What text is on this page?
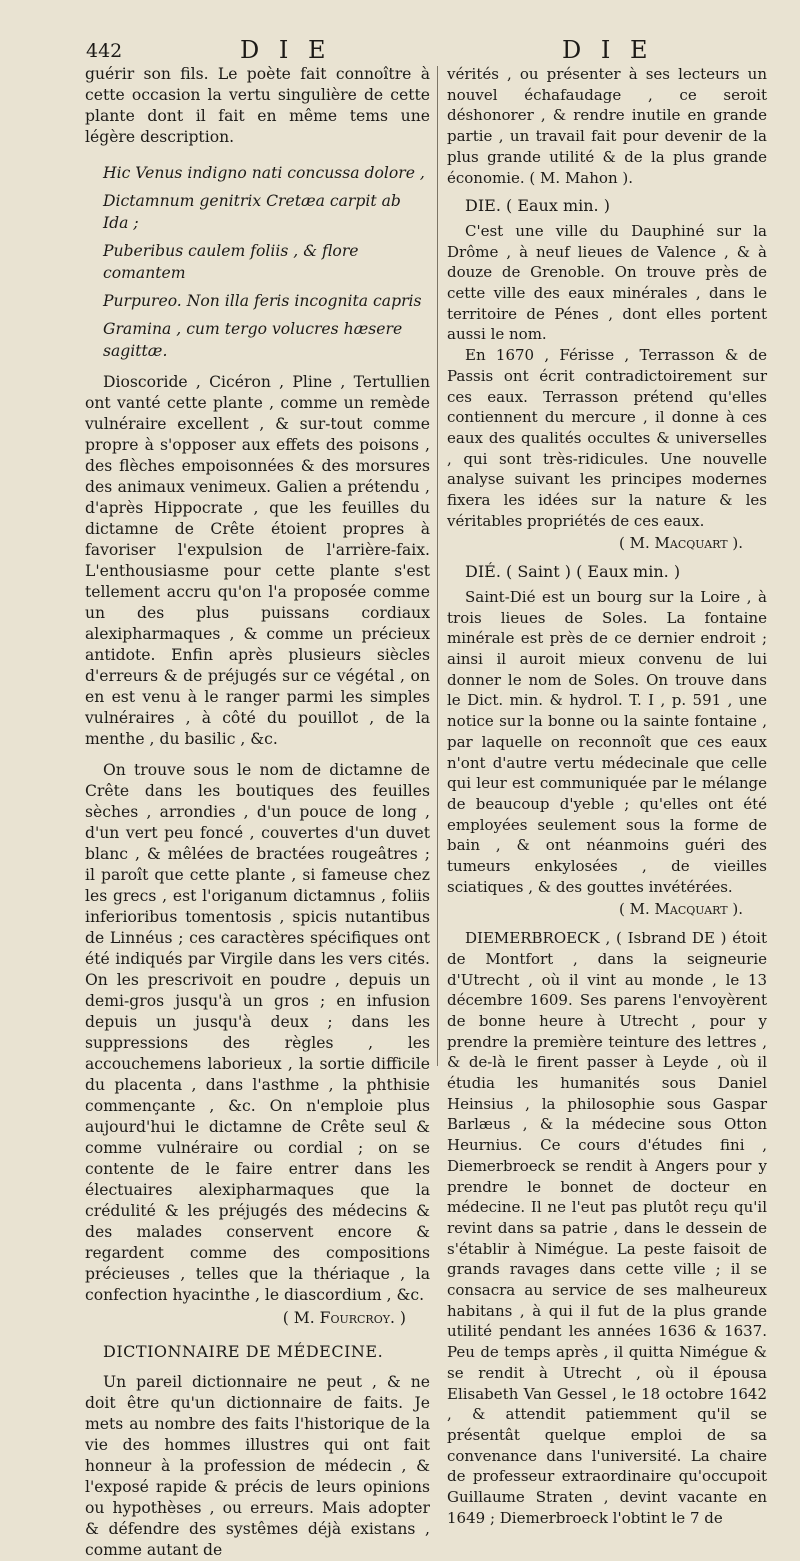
442	D I E	D I E

guérir son fils. Le poète fait connoître à cette occasion la vertu singulière de cette plante dont il fait en même tems une légère description.

Hic Venus indigno nati concussa dolore ,
Dictamnum genitrix Cretæa carpit ab Ida ;
Puberibus caulem foliis , & flore comantem
Purpureo. Non illa feris incognita capris
Gramina , cum tergo volucres hæsere sagittæ.

Dioscoride , Cicéron , Pline , Tertullien ont vanté cette plante , comme un remède vulnéraire excellent , & sur-tout comme propre à s'opposer aux effets des poisons , des flèches empoisonnées & des morsures des animaux venimeux. Galien a prétendu , d'après Hippocrate , que les feuilles du dictamne de Crête étoient propres à favoriser l'expulsion de l'arrière-faix. L'enthousiasme pour cette plante s'est tellement accru qu'on l'a proposée comme un des plus puissans cordiaux alexipharmaques , & comme un précieux antidote. Enfin après plusieurs siècles d'erreurs & de préjugés sur ce végétal , on en est venu à le ranger parmi les simples vulnéraires , à côté du pouillot , de la menthe , du basilic , &c.

On trouve sous le nom de dictamne de Crête dans les boutiques des feuilles sèches , arrondies , d'un pouce de long , d'un vert peu foncé , couvertes d'un duvet blanc , & mêlées de bractées rougeâtres ; il paroît que cette plante , si fameuse chez les grecs , est l'origanum dictamnus , foliis inferioribus tomentosis , spicis nutantibus de Linnéus ; ces caractères spécifiques ont été indiqués par Virgile dans les vers cités. On les prescrivoit en poudre , depuis un demi-gros jusqu'à un gros ; en infusion depuis un jusqu'à deux ; dans les suppressions des règles , les accouchemens laborieux , la sortie difficile du placenta , dans l'asthme , la phthisie commençante , &c. On n'emploie plus aujourd'hui le dictamne de Crête seul & comme vulnéraire ou cordial ; on se contente de le faire entrer dans les électuaires alexipharmaques que la crédulité & les préjugés des médecins & des malades conservent encore & regardent comme des compositions précieuses , telles que la thériaque , la confection hyacinthe , le diascordium , &c.

( M. Fourcroy. )
DICTIONNAIRE DE MÉDECINE.

Un pareil dictionnaire ne peut , & ne doit être qu'un dictionnaire de faits. Je mets au nombre des faits l'historique de la vie des hommes illustres qui ont fait honneur à la profession de médecin , & l'exposé rapide & précis de leurs opinions ou hypothèses , ou erreurs. Mais adopter & défendre des systêmes déjà existans , comme autant de

vérités , ou présenter à ses lecteurs un nouvel échafaudage , ce seroit déshonorer , & rendre inutile en grande partie , un travail fait pour devenir de la plus grande utilité & de la plus grande économie. ( M. Mahon ).

DIE. ( Eaux min. )

C'est une ville du Dauphiné sur la Drôme , à neuf lieues de Valence , & à douze de Grenoble. On trouve près de cette ville des eaux minérales , dans le territoire de Pénes , dont elles portent aussi le nom.

En 1670 , Férisse , Terrasson & de Passis ont écrit contradictoirement sur ces eaux. Terrasson prétend qu'elles contiennent du mercure , il donne à ces eaux des qualités occultes & universelles , qui sont très-ridicules. Une nouvelle analyse suivant les principes modernes fixera les idées sur la nature & les véritables propriétés de ces eaux.

( M. Macquart ).
DIÉ. ( Saint ) ( Eaux min. )

Saint-Dié est un bourg sur la Loire , à trois lieues de Soles. La fontaine minérale est près de ce dernier endroit ; ainsi il auroit mieux convenu de lui donner le nom de Soles. On trouve dans le Dict. min. & hydrol. T. I , p. 591 , une notice sur la bonne ou la sainte fontaine , par laquelle on reconnoît que ces eaux n'ont d'autre vertu médecinale que celle qui leur est communiquée par le mélange de beaucoup d'yeble ; qu'elles ont été employées seulement sous la forme de bain , & ont néanmoins guéri des tumeurs enkylosées , de vieilles sciatiques , & des gouttes invétérées.

( M. Macquart ).

DIEMERBROECK , ( Isbrand DE ) étoit de Montfort , dans la seigneurie d'Utrecht , où il vint au monde , le 13 décembre 1609. Ses parens l'envoyèrent de bonne heure à Utrecht , pour y prendre la première teinture des lettres , & de-là le firent passer à Leyde , où il étudia les humanités sous Daniel Heinsius , la philosophie sous Gaspar Barlæus , & la médecine sous Otton Heurnius. Ce cours d'études fini , Diemerbroeck se rendit à Angers pour y prendre le bonnet de docteur en médecine. Il ne l'eut pas plutôt reçu qu'il revint dans sa patrie , dans le dessein de s'établir à Nimégue. La peste faisoit de grands ravages dans cette ville ; il se consacra au service de ses malheureux habitans , à qui il fut de la plus grande utilité pendant les années 1636 & 1637. Peu de temps après , il quitta Nimégue & se rendit à Utrecht , où il épousa Elisabeth Van Gessel , le 18 octobre 1642 , & attendit patiemment qu'il se présentât quelque emploi de sa convenance dans l'université. La chaire de professeur extraordinaire qu'occupoit Guillaume Straten , devint vacante en 1649 ; Diemerbroeck l'obtint le 7 de
